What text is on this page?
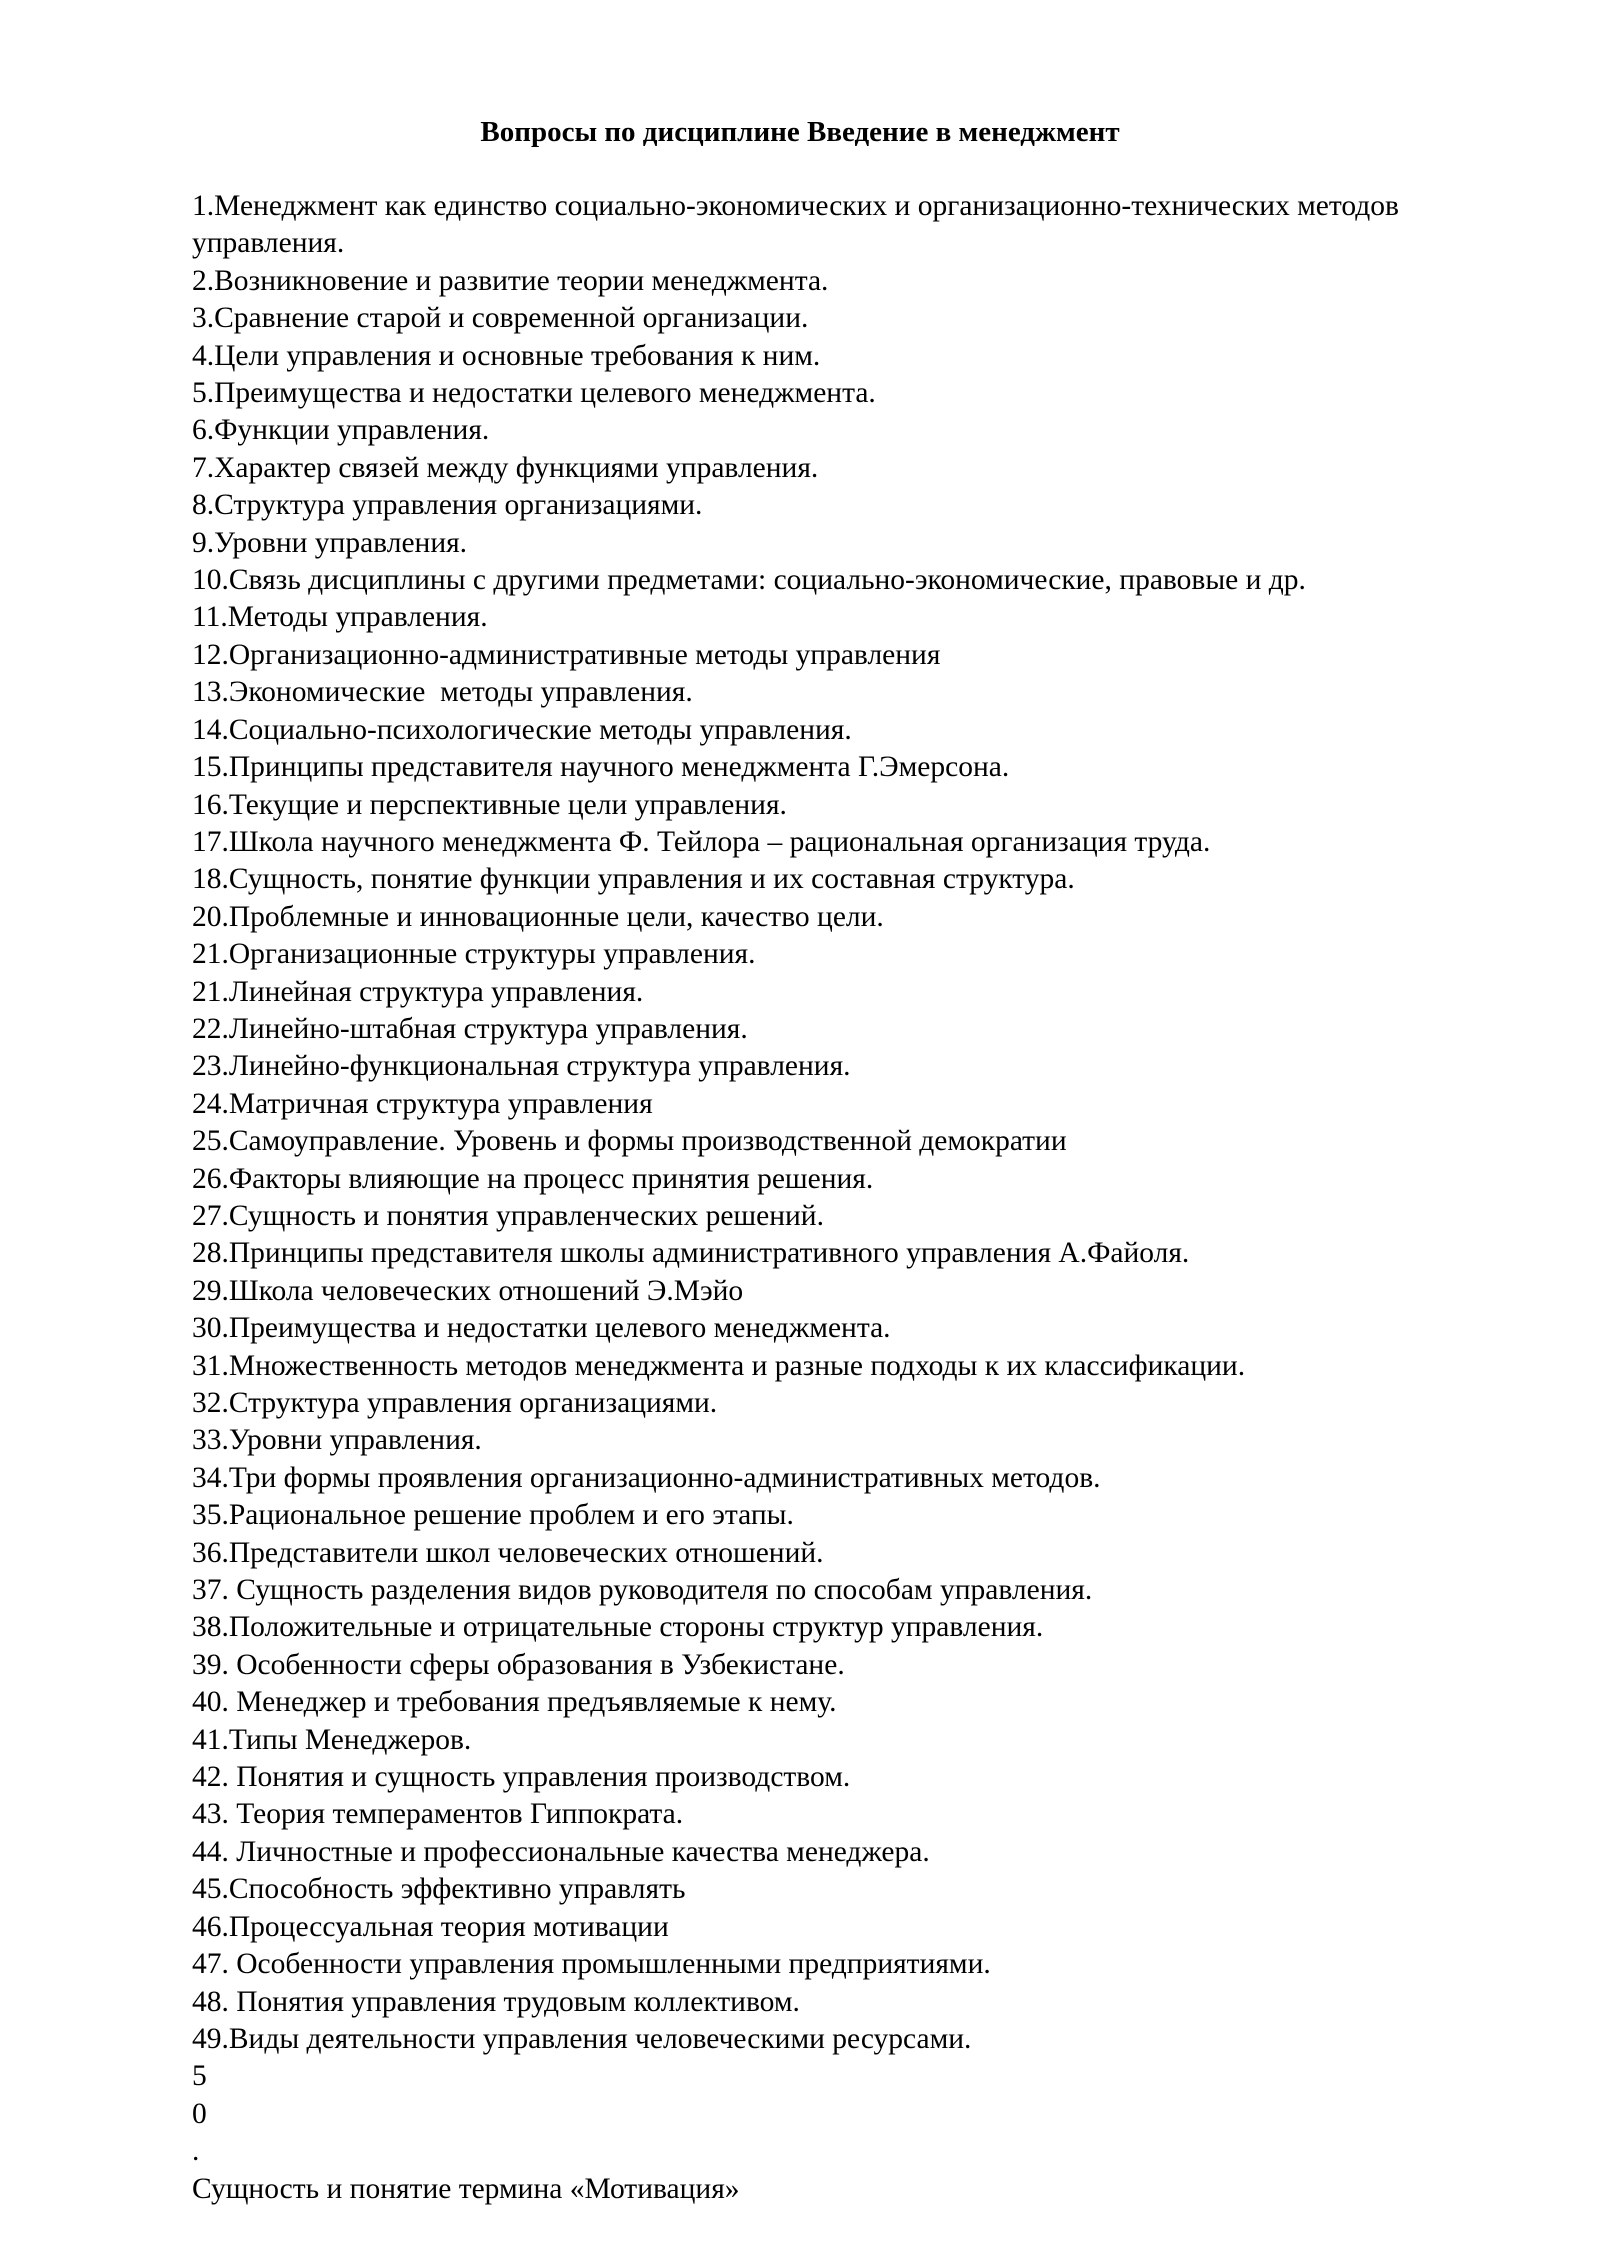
Вопросы по дисциплине Введение в менеджмент
1.Менеджмент как единство социально-экономических и организационно-технических методов
управления.
2.Возникновение и развитие теории менеджмента.
3.Сравнение старой и современной организации.
4.Цели управления и основные требования к ним.
5.Преимущества и недостатки целевого менеджмента.
6.Функции управления.
7.Характер связей между функциями управления.
8.Структура управления организациями.
9.Уровни управления.
10.Связь дисциплины с другими предметами: социально-экономические, правовые и др.
11.Методы управления.
12.Организационно-административные методы управления
13.Экономические  методы управления.
14.Социально-психологические методы управления.
15.Принципы представителя научного менеджмента Г.Эмерсона.
16.Текущие и перспективные цели управления.
17.Школа научного менеджмента Ф. Тейлора – рациональная организация труда.
18.Сущность, понятие функции управления и их составная структура.
20.Проблемные и инновационные цели, качество цели.
21.Организационные структуры управления.
21.Линейная структура управления.
22.Линейно-штабная структура управления.
23.Линейно-функциональная структура управления.
24.Матричная структура управления
25.Самоуправление. Уровень и формы производственной демократии
26.Факторы влияющие на процесс принятия решения.
27.Сущность и понятия управленческих решений.
28.Принципы представителя школы административного управления А.Файоля.
29.Школа человеческих отношений Э.Мэйо
30.Преимущества и недостатки целевого менеджмента.
31.Множественность методов менеджмента и разные подходы к их классификации.
32.Структура управления организациями.
33.Уровни управления.
34.Три формы проявления организационно-административных методов.
35.Рациональное решение проблем и его этапы.
36.Представители школ человеческих отношений.
37. Сущность разделения видов руководителя по способам управления.
38.Положительные и отрицательные стороны структур управления.
39. Особенности сферы образования в Узбекистане.
40. Менеджер и требования предъявляемые к нему.
41.Типы Менеджеров.
42. Понятия и сущность управления производством.
43. Теория темпераментов Гиппократа.
44. Личностные и профессиональные качества менеджера.
45.Способность эффективно управлять
46.Процессуальная теория мотивации
47. Особенности управления промышленными предприятиями.
48. Понятия управления трудовым коллективом.
49.Виды деятельности управления человеческими ресурсами.
5
0
.
Сущность и понятие термина «Мотивация»
